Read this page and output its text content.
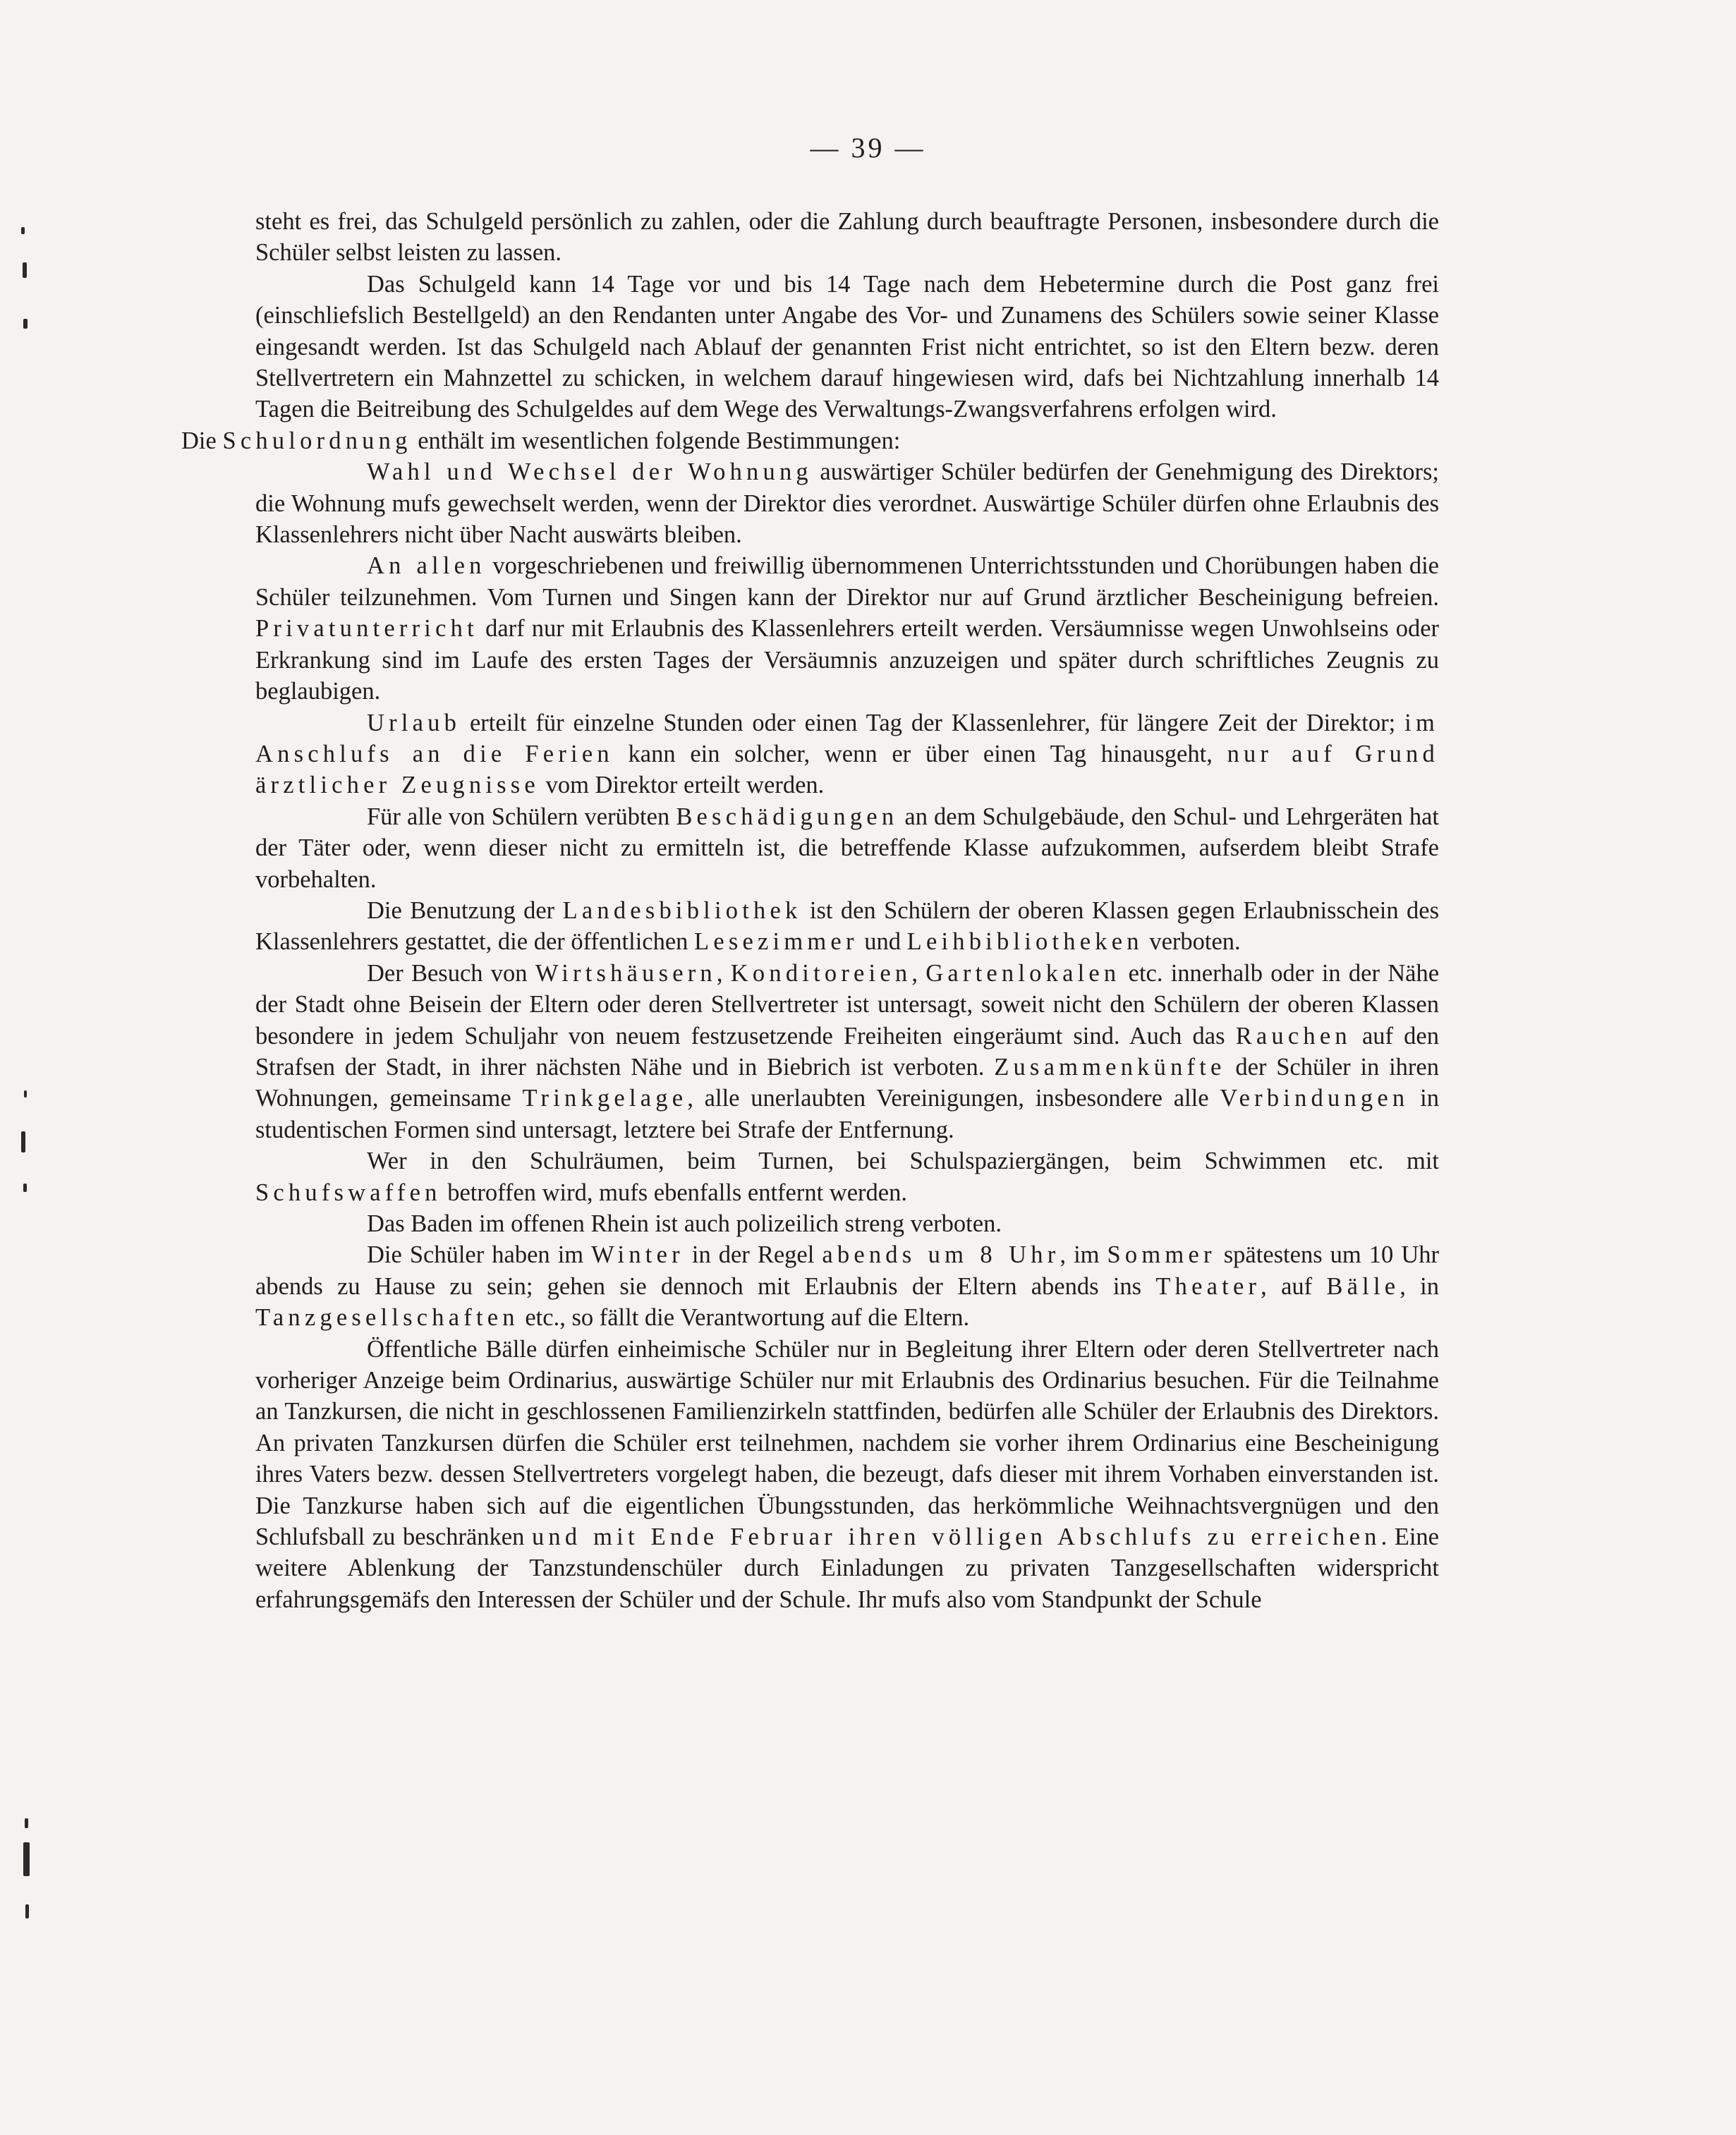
— 39 —

steht es frei, das Schulgeld persönlich zu zahlen, oder die Zahlung durch beauftragte Personen, insbesondere durch die Schüler selbst leisten zu lassen.

Das Schulgeld kann 14 Tage vor und bis 14 Tage nach dem Hebetermine durch die Post ganz frei (einschliefslich Bestellgeld) an den Rendanten unter Angabe des Vor- und Zunamens des Schülers sowie seiner Klasse eingesandt werden. Ist das Schulgeld nach Ablauf der genannten Frist nicht entrichtet, so ist den Eltern bezw. deren Stellvertretern ein Mahnzettel zu schicken, in welchem darauf hingewiesen wird, dafs bei Nichtzahlung innerhalb 14 Tagen die Beitreibung des Schulgeldes auf dem Wege des Verwaltungs-Zwangsverfahrens erfolgen wird.

Die Schulordnung enthält im wesentlichen folgende Bestimmungen:

Wahl und Wechsel der Wohnung auswärtiger Schüler bedürfen der Genehmigung des Direktors; die Wohnung mufs gewechselt werden, wenn der Direktor dies verordnet. Auswärtige Schüler dürfen ohne Erlaubnis des Klassenlehrers nicht über Nacht auswärts bleiben.

An allen vorgeschriebenen und freiwillig übernommenen Unterrichtsstunden und Chorübungen haben die Schüler teilzunehmen. Vom Turnen und Singen kann der Direktor nur auf Grund ärztlicher Bescheinigung befreien. Privatunterricht darf nur mit Erlaubnis des Klassenlehrers erteilt werden. Versäumnisse wegen Unwohlseins oder Erkrankung sind im Laufe des ersten Tages der Versäumnis anzuzeigen und später durch schriftliches Zeugnis zu beglaubigen.

Urlaub erteilt für einzelne Stunden oder einen Tag der Klassenlehrer, für längere Zeit der Direktor; im Anschlufs an die Ferien kann ein solcher, wenn er über einen Tag hinausgeht, nur auf Grund ärztlicher Zeugnisse vom Direktor erteilt werden.

Für alle von Schülern verübten Beschädigungen an dem Schulgebäude, den Schul- und Lehrgeräten hat der Täter oder, wenn dieser nicht zu ermitteln ist, die betreffende Klasse aufzukommen, aufserdem bleibt Strafe vorbehalten.

Die Benutzung der Landesbibliothek ist den Schülern der oberen Klassen gegen Erlaubnisschein des Klassenlehrers gestattet, die der öffentlichen Lesezimmer und Leihbibliotheken verboten.

Der Besuch von Wirtshäusern, Konditoreien, Gartenlokalen etc. innerhalb oder in der Nähe der Stadt ohne Beisein der Eltern oder deren Stellvertreter ist untersagt, soweit nicht den Schülern der oberen Klassen besondere in jedem Schuljahr von neuem festzusetzende Freiheiten eingeräumt sind. Auch das Rauchen auf den Strafsen der Stadt, in ihrer nächsten Nähe und in Biebrich ist verboten. Zusammenkünfte der Schüler in ihren Wohnungen, gemeinsame Trinkgelage, alle unerlaubten Vereinigungen, insbesondere alle Verbindungen in studentischen Formen sind untersagt, letztere bei Strafe der Entfernung.

Wer in den Schulräumen, beim Turnen, bei Schulspaziergängen, beim Schwimmen etc. mit Schufswaffen betroffen wird, mufs ebenfalls entfernt werden.

Das Baden im offenen Rhein ist auch polizeilich streng verboten.

Die Schüler haben im Winter in der Regel abends um 8 Uhr, im Sommer spätestens um 10 Uhr abends zu Hause zu sein; gehen sie dennoch mit Erlaubnis der Eltern abends ins Theater, auf Bälle, in Tanzgesellschaften etc., so fällt die Verantwortung auf die Eltern.

Öffentliche Bälle dürfen einheimische Schüler nur in Begleitung ihrer Eltern oder deren Stellvertreter nach vorheriger Anzeige beim Ordinarius, auswärtige Schüler nur mit Erlaubnis des Ordinarius besuchen. Für die Teilnahme an Tanzkursen, die nicht in geschlossenen Familienzirkeln stattfinden, bedürfen alle Schüler der Erlaubnis des Direktors. An privaten Tanzkursen dürfen die Schüler erst teilnehmen, nachdem sie vorher ihrem Ordinarius eine Bescheinigung ihres Vaters bezw. dessen Stellvertreters vorgelegt haben, die bezeugt, dafs dieser mit ihrem Vorhaben einverstanden ist. Die Tanzkurse haben sich auf die eigentlichen Übungsstunden, das herkömmliche Weihnachtsvergnügen und den Schlufsball zu beschränken und mit Ende Februar ihren völligen Abschlufs zu erreichen. Eine weitere Ablenkung der Tanzstundenschüler durch Einladungen zu privaten Tanzgesellschaften widerspricht erfahrungsgemäfs den Interessen der Schüler und der Schule. Ihr mufs also vom Standpunkt der Schule
